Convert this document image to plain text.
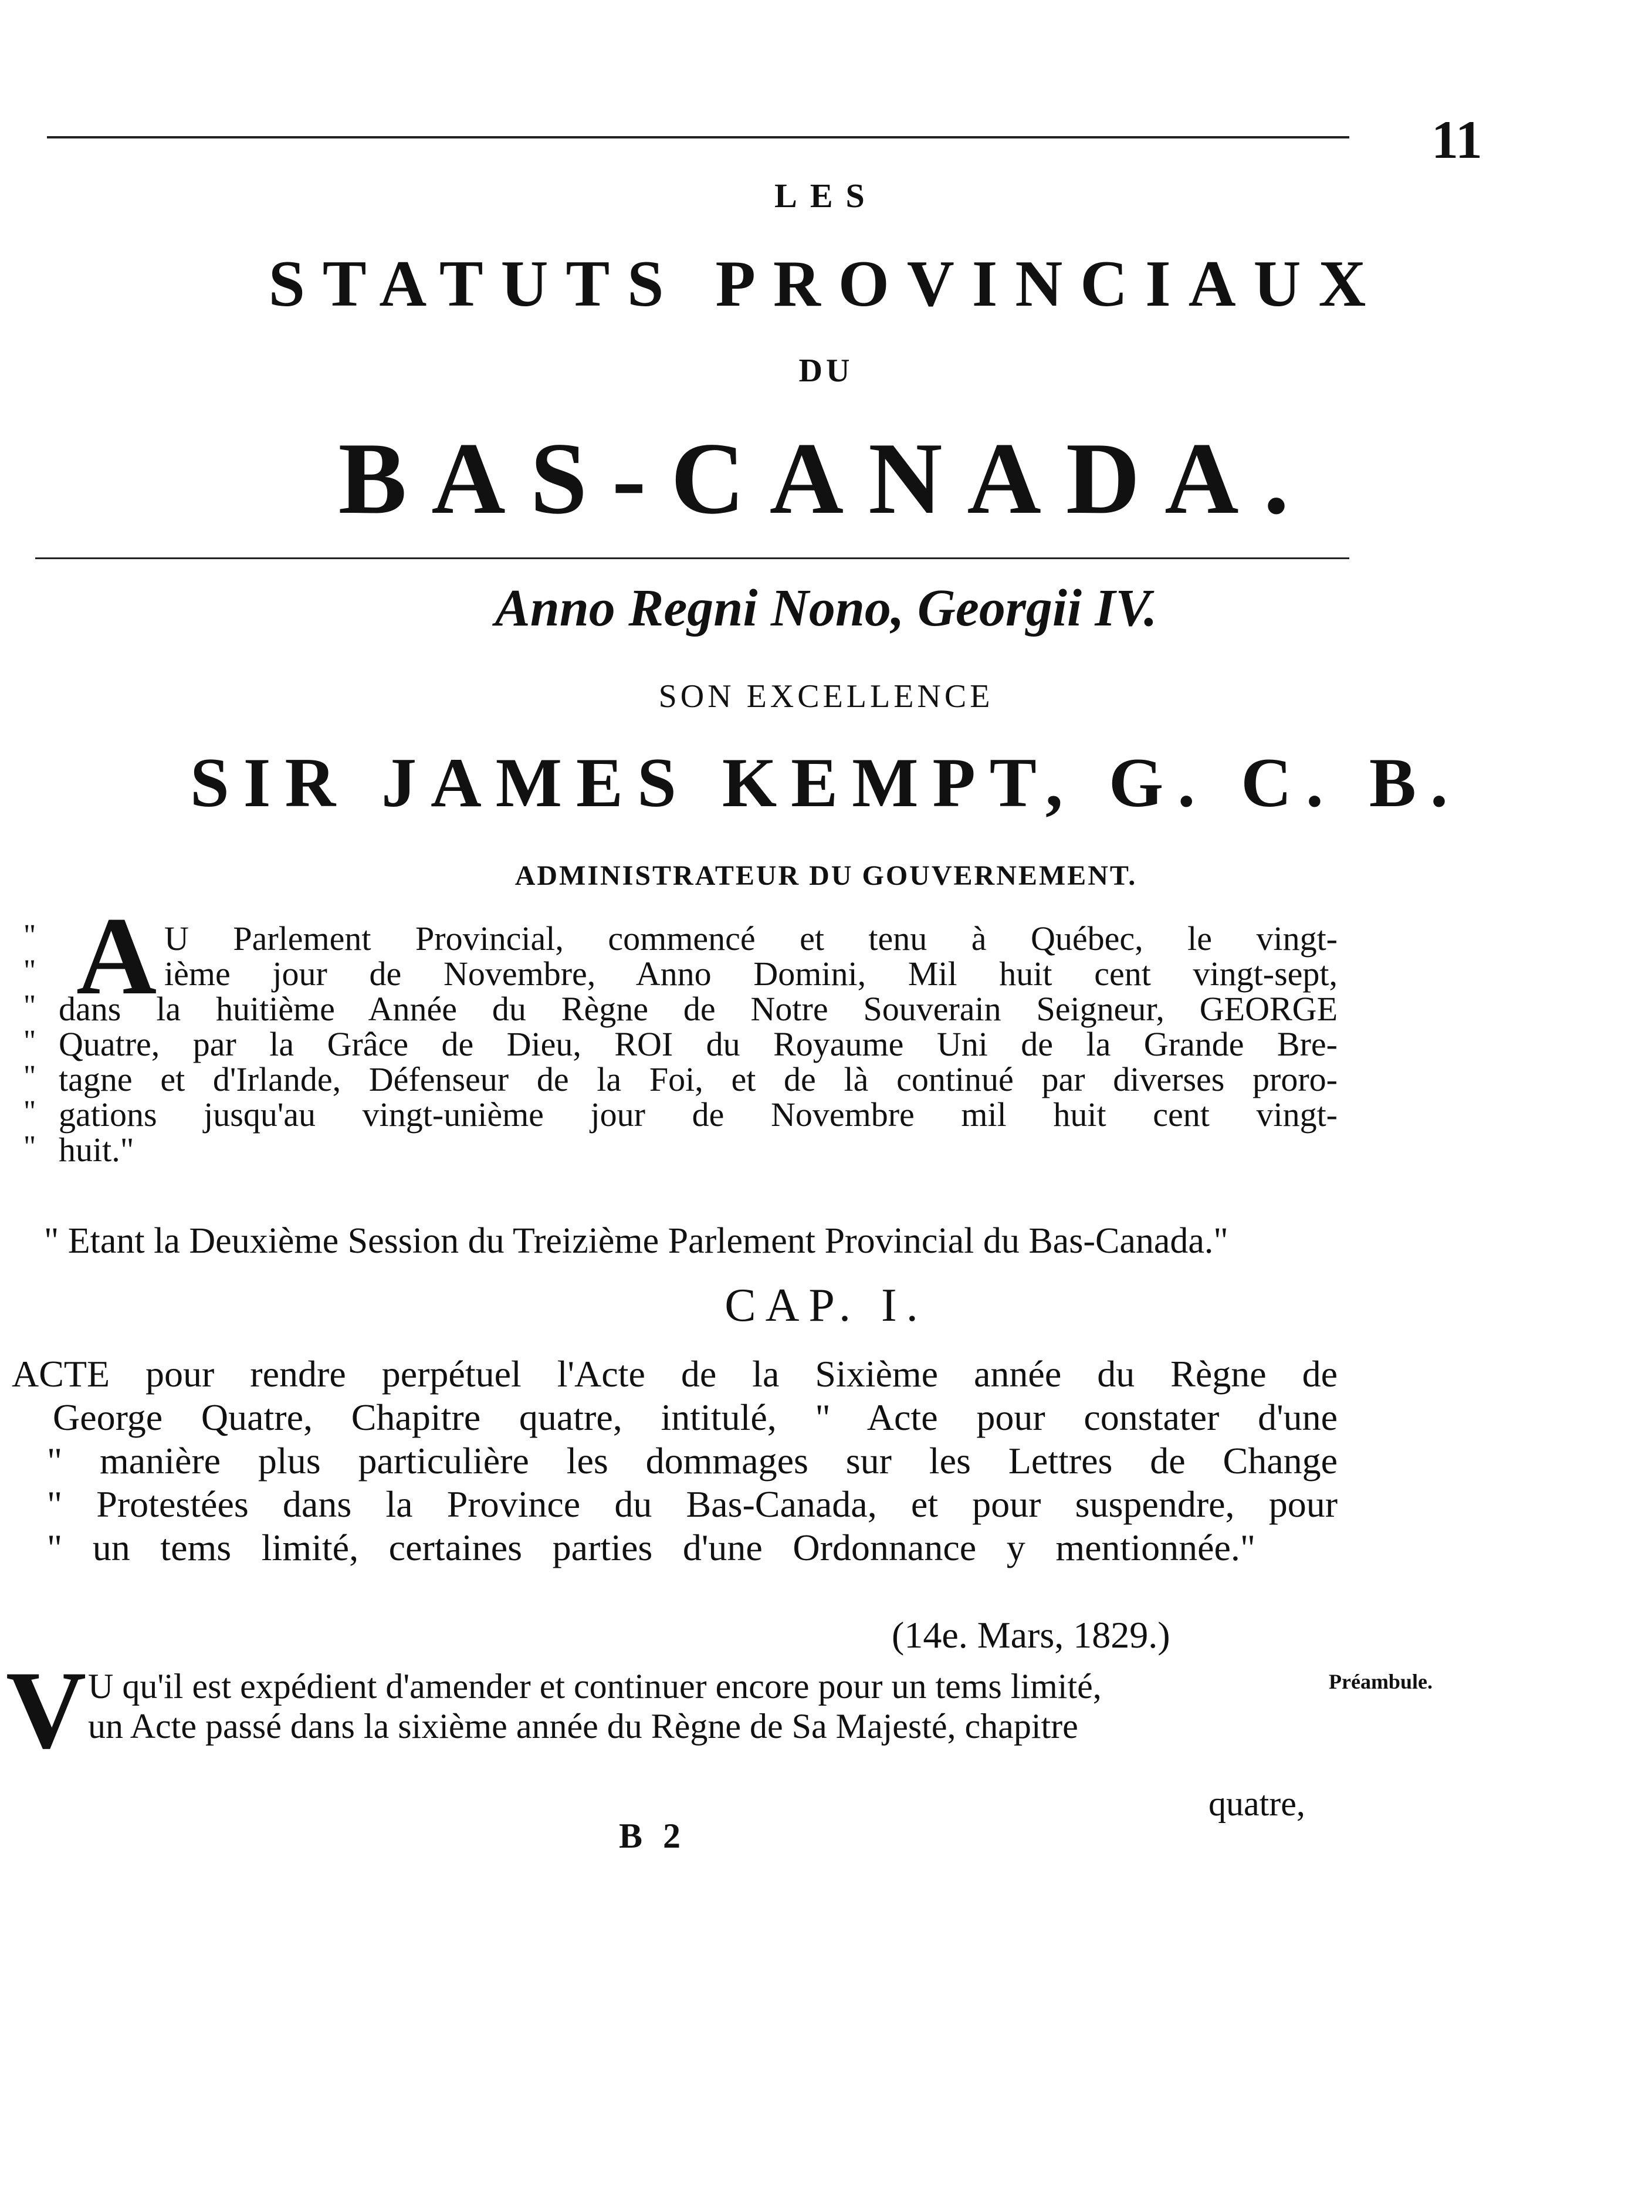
11
LES
STATUTS PROVINCIAUX
DU
BAS-CANADA.
Anno Regni Nono, Georgii IV.
SON EXCELLENCE
SIR JAMES KEMPT, G. C. B.
ADMINISTRATEUR DU GOUVERNEMENT.
"
"
"
"
"
"
"
A U Parlement Provincial, commencé et tenu à Québec, le vingt-
ième jour de Novembre, Anno Domini, Mil huit cent vingt-sept,
dans la huitième Année du Règne de Notre Souverain Seigneur, GEORGE
Quatre, par la Grâce de Dieu, ROI du Royaume Uni de la Grande Bre-
tagne et d'Irlande, Défenseur de la Foi, et de là continué par diverses proro-
gations jusqu'au vingt-unième jour de Novembre mil huit cent vingt-
huit."
" Etant la Deuxième Session du Treizième Parlement Provincial du Bas-Canada."
CAP. I.
ACTE pour rendre perpétuel l'Acte de la Sixième année du Règne de
George Quatre, Chapitre quatre, intitulé, " Acte pour constater d'une
" manière plus particulière les dommages sur les Lettres de Change
" Protestées dans la Province du Bas-Canada, et pour suspendre, pour
" un tems limité, certaines parties d'une Ordonnance y mentionnée."
(14e. Mars, 1829.)
V U qu'il est expédient d'amender et continuer encore pour un tems limité,
un Acte passé dans la sixième année du Règne de Sa Majesté, chapitre
Préambule.
quatre,
B 2
